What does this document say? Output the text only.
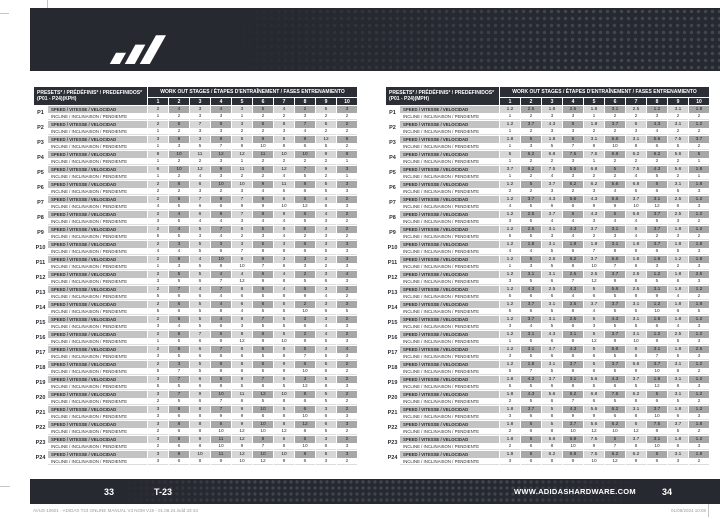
PRESETS* / PRÉDÉFINIS* / PREDEFINIDOS*
(P01 - P24)(KPH)		WORK OUT STAGES / ÉTAPES D'ENTRAÎNEMENT / FASES ENTRENAMIENTO									
		1	2	3	4	5	6	7	8	9	10
P1	SPEED / VITESSE / VELOCIDAD	2	4	3	4	3	5	4	2	5	3
	INCLINE / INCLINAISON / PENDIENTE	1	2	3	3	1	2	2	3	2	2
P2	SPEED / VITESSE / VELOCIDAD	2	6	7	8	3	6	8	7	5	2
	INCLINE / INCLINAISON / PENDIENTE	1	2	3	3	2	2	3	4	2	2
P3	SPEED / VITESSE / VELOCIDAD	3	8	3	8	5	9	5	9	12	6
	INCLINE / INCLINAISON / PENDIENTE	1	3	5	7	9	10	8	6	5	2
P4	SPEED / VITESSE / VELOCIDAD	8	10	11	12	12	11	10	10	9	8
	INCLINE / INCLINAISON / PENDIENTE	1	2	2	3	1	2	2	2	2	1
P5	SPEED / VITESSE / VELOCIDAD	6	10	12	9	11	8	12	7	9	3
	INCLINE / INCLINAISON / PENDIENTE	1	2	4	3	2	2	4	5	2	1
P6	SPEED / VITESSE / VELOCIDAD	2	8	6	10	10	9	11	8	5	3
	INCLINE / INCLINAISON / PENDIENTE	2	2	3	2	3	4	5	6	5	3
P7	SPEED / VITESSE / VELOCIDAD	2	6	7	9	7	9	6	5	4	2
	INCLINE / INCLINAISON / PENDIENTE	4	5	6	6	9	9	10	12	6	3
P8	SPEED / VITESSE / VELOCIDAD	2	4	6	8	7	8	9	6	4	2
	INCLINE / INCLINAISON / PENDIENTE	3	5	4	4	3	4	4	5	3	2
P9	SPEED / VITESSE / VELOCIDAD	2	4	5	7	6	5	8	6	3	2
	INCLINE / INCLINAISON / PENDIENTE	5	5	3	4	2	3	4	2	3	2
P10	SPEED / VITESSE / VELOCIDAD	2	3	5	3	3	5	3	6	3	3
	INCLINE / INCLINAISON / PENDIENTE	4	4	5	6	7	8	8	6	5	3
P11	SPEED / VITESSE / VELOCIDAD	2	8	4	10	6	9	3	3	2	3
	INCLINE / INCLINAISON / PENDIENTE	1	3	5	8	10	7	6	3	2	3
P12	SPEED / VITESSE / VELOCIDAD	2	5	5	4	4	6	4	2	3	4
	INCLINE / INCLINAISON / PENDIENTE	3	5	6	7	12	9	8	5	6	3
P13	SPEED / VITESSE / VELOCIDAD	2	7	4	7	8	9	4	5	3	2
	INCLINE / INCLINAISON / PENDIENTE	5	6	6	4	6	5	8	9	4	2
P14	SPEED / VITESSE / VELOCIDAD	2	6	5	4	6	6	5	2	3	3
	INCLINE / INCLINAISON / PENDIENTE	5	6	5	8	4	5	5	10	6	5
P15	SPEED / VITESSE / VELOCIDAD	2	6	5	4	8	7	5	3	3	2
	INCLINE / INCLINAISON / PENDIENTE	3	4	5	6	3	5	5	6	4	3
P16	SPEED / VITESSE / VELOCIDAD	2	5	7	5	8	6	5	2	4	2
	INCLINE / INCLINAISON / PENDIENTE	1	5	6	8	12	9	10	9	5	3
P17	SPEED / VITESSE / VELOCIDAD	2	5	6	7	8	9	8	5	3	4
	INCLINE / INCLINAISON / PENDIENTE	3	5	6	8	6	5	8	7	5	3
P18	SPEED / VITESSE / VELOCIDAD	2	3	5	6	8	6	9	6	5	2
	INCLINE / INCLINAISON / PENDIENTE	5	7	5	8	6	5	9	10	6	2
P19	SPEED / VITESSE / VELOCIDAD	3	7	6	5	9	7	6	3	5	2
	INCLINE / INCLINAISON / PENDIENTE	5	5	6	8	5	6	5	12	8	3
P20	SPEED / VITESSE / VELOCIDAD	3	7	9	10	11	12	10	8	5	2
	INCLINE / INCLINAISON / PENDIENTE	2	5	6	7	6	5	8	6	5	2
P21	SPEED / VITESSE / VELOCIDAD	3	6	8	7	9	10	5	6	3	2
	INCLINE / INCLINAISON / PENDIENTE	3	6	8	9	9	6	8	10	6	3
P22	SPEED / VITESSE / VELOCIDAD	3	8	8	6	9	10	8	12	6	3
	INCLINE / INCLINAISON / PENDIENTE	2	6	8	10	12	10	12	8	5	2
P23	SPEED / VITESSE / VELOCIDAD	3	8	9	11	12	8	6	5	3	2
	INCLINE / INCLINAISON / PENDIENTE	2	6	8	10	9	7	8	10	6	3
P24	SPEED / VITESSE / VELOCIDAD	3	8	10	11	12	10	10	8	5	3
	INCLINE / INCLINAISON / PENDIENTE	3	6	8	9	10	12	9	6	3	2
PRESETS* / PRÉDÉFINIS* / PREDEFINIDOS*
(P01 - P24)(MPH)		WORK OUT STAGES / ÉTAPES D'ENTRAÎNEMENT / FASES ENTRENAMIENTO									
		1	2	3	4	5	6	7	8	9	10
P1	SPEED / VITESSE / VELOCIDAD	1.2	2.5	1.8	2.5	1.8	3.1	2.5	1.2	3.1	1.8
	INCLINE / INCLINAISON / PENDIENTE	1	2	3	3	1	2	2	3	2	2
P2	SPEED / VITESSE / VELOCIDAD	1.2	3.7	4.3	5	1.8	3.7	5	4.3	3.1	1.2
	INCLINE / INCLINAISON / PENDIENTE	1	2	3	3	2	2	3	4	2	2
P3	SPEED / VITESSE / VELOCIDAD	1.8	5	1.8	5	3.1	5.6	3.1	5.6	7.5	3.7
	INCLINE / INCLINAISON / PENDIENTE	1	3	5	7	9	10	8	6	5	2
P4	SPEED / VITESSE / VELOCIDAD	5	6.2	6.8	7.5	7.5	6.8	6.2	6.2	5.6	5
	INCLINE / INCLINAISON / PENDIENTE	1	2	2	3	1	2	2	2	2	1
P5	SPEED / VITESSE / VELOCIDAD	3.7	6.2	7.5	5.6	6.8	5	7.5	4.3	5.6	1.8
	INCLINE / INCLINAISON / PENDIENTE	1	2	4	3	2	2	4	5	2	1
P6	SPEED / VITESSE / VELOCIDAD	1.2	5	3.7	6.2	6.2	5.6	6.8	5	3.1	1.8
	INCLINE / INCLINAISON / PENDIENTE	2	2	3	2	3	4	5	6	5	3
P7	SPEED / VITESSE / VELOCIDAD	1.2	3.7	4.3	5.6	4.3	5.6	3.7	3.1	2.5	1.2
	INCLINE / INCLINAISON / PENDIENTE	4	5	6	6	9	9	10	12	6	3
P8	SPEED / VITESSE / VELOCIDAD	1.2	2.5	3.7	5	4.3	5	5.6	3.7	2.5	1.2
	INCLINE / INCLINAISON / PENDIENTE	3	5	4	4	3	4	4	5	3	2
P9	SPEED / VITESSE / VELOCIDAD	1.2	2.5	3.1	4.3	3.7	3.1	5	3.7	1.8	1.2
	INCLINE / INCLINAISON / PENDIENTE	5	5	3	4	2	3	4	2	3	2
P10	SPEED / VITESSE / VELOCIDAD	1.2	1.8	3.1	1.8	1.8	3.1	1.8	3.7	1.8	1.8
	INCLINE / INCLINAISON / PENDIENTE	4	4	5	6	7	8	8	6	5	3
P11	SPEED / VITESSE / VELOCIDAD	1.2	5	2.5	6.2	3.7	5.6	1.8	1.8	1.2	1.8
	INCLINE / INCLINAISON / PENDIENTE	1	3	5	8	10	7	6	3	2	3
P12	SPEED / VITESSE / VELOCIDAD	1.2	3.1	3.1	2.5	2.5	3.7	2.5	1.2	1.8	2.5
	INCLINE / INCLINAISON / PENDIENTE	3	5	6	7	12	9	8	5	6	3
P13	SPEED / VITESSE / VELOCIDAD	1.2	4.3	2.5	4.3	5	5.6	2.5	3.1	1.8	1.2
	INCLINE / INCLINAISON / PENDIENTE	5	6	6	4	6	5	8	9	4	2
P14	SPEED / VITESSE / VELOCIDAD	1.2	3.7	3.1	2.5	3.7	3.7	3.1	1.2	1.8	1.8
	INCLINE / INCLINAISON / PENDIENTE	5	6	5	8	4	5	5	10	6	5
P15	SPEED / VITESSE / VELOCIDAD	1.2	3.7	3.1	2.5	5	4.3	3.1	1.8	1.8	1.2
	INCLINE / INCLINAISON / PENDIENTE	3	4	5	6	3	5	5	6	4	3
P16	SPEED / VITESSE / VELOCIDAD	1.2	3.1	4.3	3.1	5	3.7	3.1	1.2	2.5	1.2
	INCLINE / INCLINAISON / PENDIENTE	1	5	6	8	12	9	10	9	5	3
P17	SPEED / VITESSE / VELOCIDAD	1.2	3.1	3.7	4.3	5	5.6	5	3.1	1.8	2.5
	INCLINE / INCLINAISON / PENDIENTE	3	5	6	8	6	5	8	7	5	3
P18	SPEED / VITESSE / VELOCIDAD	1.2	1.8	3.1	3.7	5	3.7	5.6	3.7	3.1	1.2
	INCLINE / INCLINAISON / PENDIENTE	5	7	5	8	6	5	9	10	6	2
P19	SPEED / VITESSE / VELOCIDAD	1.8	4.3	3.7	3.1	5.6	4.3	3.7	1.8	3.1	1.2
	INCLINE / INCLINAISON / PENDIENTE	5	5	6	8	5	6	5	12	8	3
P20	SPEED / VITESSE / VELOCIDAD	1.8	4.3	5.6	6.2	6.8	7.5	6.2	5	3.1	1.2
	INCLINE / INCLINAISON / PENDIENTE	2	5	6	7	6	5	8	6	5	2
P21	SPEED / VITESSE / VELOCIDAD	1.8	3.7	5	4.3	5.6	6.2	3.1	3.7	1.8	1.2
	INCLINE / INCLINAISON / PENDIENTE	3	6	8	9	9	6	8	10	6	3
P22	SPEED / VITESSE / VELOCIDAD	1.8	5	5	3.7	5.6	6.2	5	7.5	3.7	1.8
	INCLINE / INCLINAISON / PENDIENTE	2	6	8	10	12	10	12	8	5	2
P23	SPEED / VITESSE / VELOCIDAD	1.8	5	5.6	6.8	7.5	5	3.7	3.1	1.8	1.2
	INCLINE / INCLINAISON / PENDIENTE	2	6	8	10	9	7	8	10	6	3
P24	SPEED / VITESSE / VELOCIDAD	1.8	5	6.2	6.8	7.5	6.2	6.2	5	3.1	1.8
	INCLINE / INCLINAISON / PENDIENTE	3	6	8	9	10	12	9	6	3	2
33	T-23	WWW.ADIDASHARDWARE.COM	34
AVUS-10601 - ADIDAS T23 ONLINE MANUAL V3 NOM V19 - 01.08.24.indd 33-34	01/08/2024 10:08
